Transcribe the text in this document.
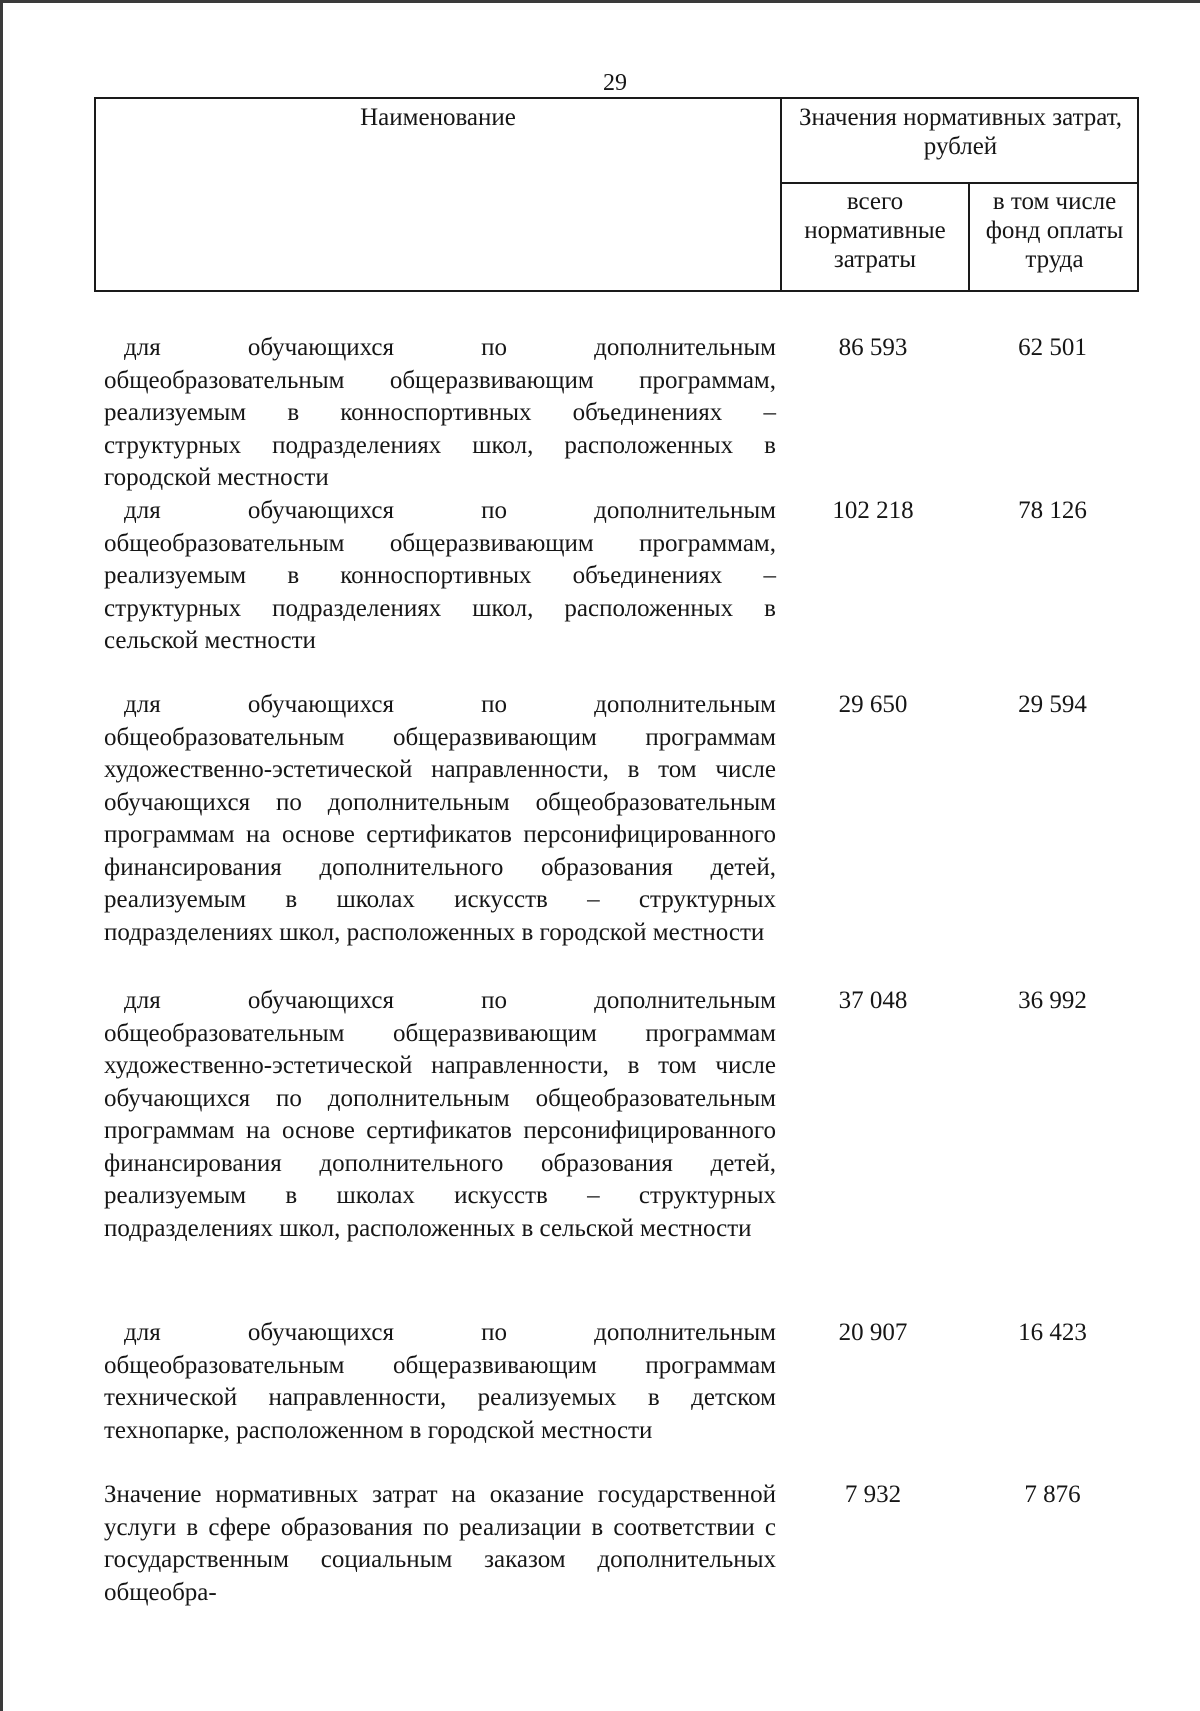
29
Наименование	Значения нормативных затрат, рублей
всего нормативные затраты
в том числе фонд оплаты труда

для обучающихся по дополнительным общеобразовательным общеразвивающим программам, реализуемым в конноспортивных объединениях – структурных подразделениях школ, расположенных в городской местности

86 593	62 501

для обучающихся по дополнительным общеобразовательным общеразвивающим программам, реализуемым в конноспортивных объединениях – структурных подразделениях школ, расположенных в сельской местности

102 218	78 126

для обучающихся по дополнительным общеобразовательным общеразвивающим программам художественно-эстетической направленности, в том числе обучающихся по дополнительным общеобразовательным программам на основе сертификатов персонифицированного финансирования дополнительного образования детей, реализуемым в школах искусств – структурных подразделениях школ, расположенных в городской местности

29 650	29 594

для обучающихся по дополнительным общеобразовательным общеразвивающим программам художественно-эстетической направленности, в том числе обучающихся по дополнительным общеобразовательным программам на основе сертификатов персонифицированного финансирования дополнительного образования детей, реализуемым в школах искусств – структурных подразделениях школ, расположенных в сельской местности

37 048	36 992

для обучающихся по дополнительным общеобразовательным общеразвивающим программам технической направленности, реализуемых в детском технопарке, расположенном в городской местности

20 907	16 423

Значение нормативных затрат на оказание государственной услуги в сфере образования по реализации в соответствии с государственным социальным заказом дополнительных общеобра-

7 932	7 876
